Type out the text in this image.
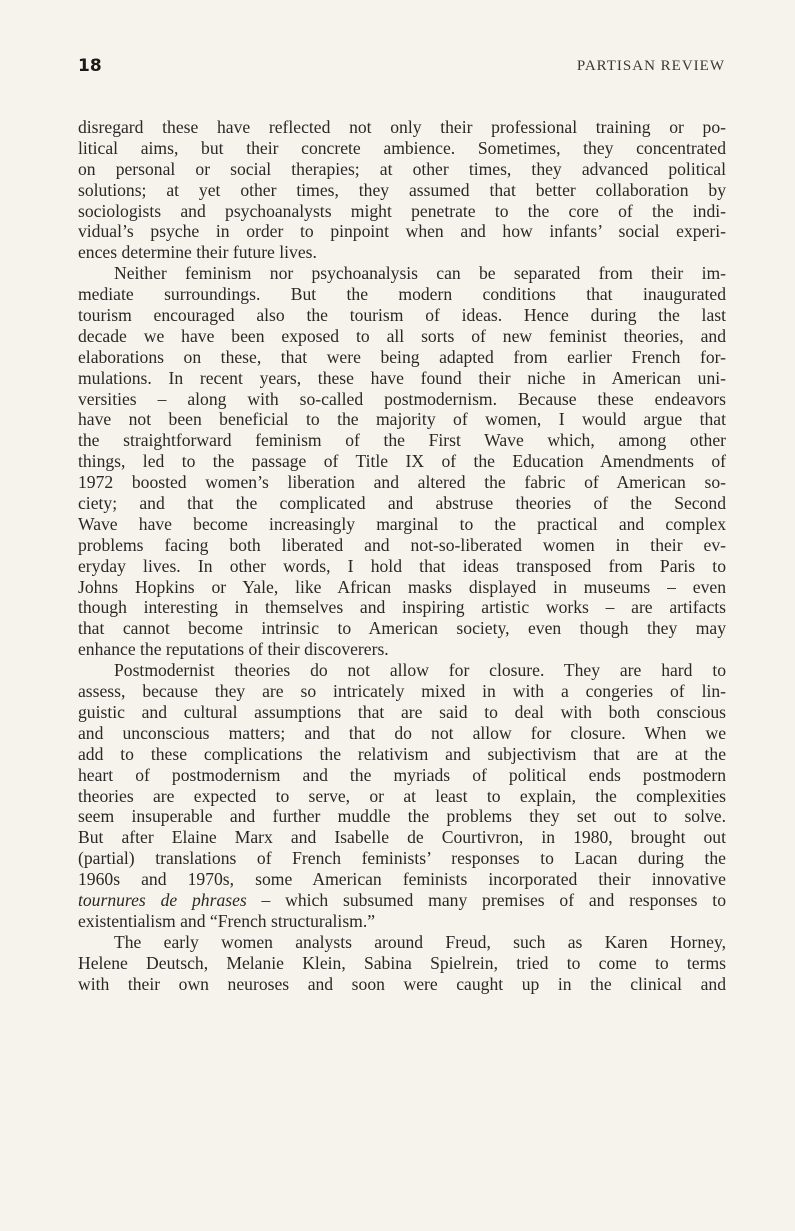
18	PARTISAN REVIEW
disregard these have reflected not only their professional training or po-
litical aims, but their concrete ambience. Sometimes, they concentrated
on personal or social therapies; at other times, they advanced political
solutions; at yet other times, they assumed that better collaboration by
sociologists and psychoanalysts might penetrate to the core of the indi-
vidual’s psyche in order to pinpoint when and how infants’ social experi-
ences determine their future lives.
Neither feminism nor psychoanalysis can be separated from their im-
mediate surroundings. But the modern conditions that inaugurated
tourism encouraged also the tourism of ideas. Hence during the last
decade we have been exposed to all sorts of new feminist theories, and
elaborations on these, that were being adapted from earlier French for-
mulations. In recent years, these have found their niche in American uni-
versities – along with so-called postmodernism. Because these endeavors
have not been beneficial to the majority of women, I would argue that
the straightforward feminism of the First Wave which, among other
things, led to the passage of Title IX of the Education Amendments of
1972 boosted women’s liberation and altered the fabric of American so-
ciety; and that the complicated and abstruse theories of the Second
Wave have become increasingly marginal to the practical and complex
problems facing both liberated and not-so-liberated women in their ev-
eryday lives. In other words, I hold that ideas transposed from Paris to
Johns Hopkins or Yale, like African masks displayed in museums – even
though interesting in themselves and inspiring artistic works – are artifacts
that cannot become intrinsic to American society, even though they may
enhance the reputations of their discoverers.
Postmodernist theories do not allow for closure. They are hard to
assess, because they are so intricately mixed in with a congeries of lin-
guistic and cultural assumptions that are said to deal with both conscious
and unconscious matters; and that do not allow for closure. When we
add to these complications the relativism and subjectivism that are at the
heart of postmodernism and the myriads of political ends postmodern
theories are expected to serve, or at least to explain, the complexities
seem insuperable and further muddle the problems they set out to solve.
But after Elaine Marx and Isabelle de Courtivron, in 1980, brought out
(partial) translations of French feminists’ responses to Lacan during the
1960s and 1970s, some American feminists incorporated their innovative
tournures de phrases – which subsumed many premises of and responses to
existentialism and “French structuralism.”
The early women analysts around Freud, such as Karen Horney,
Helene Deutsch, Melanie Klein, Sabina Spielrein, tried to come to terms
with their own neuroses and soon were caught up in the clinical and
